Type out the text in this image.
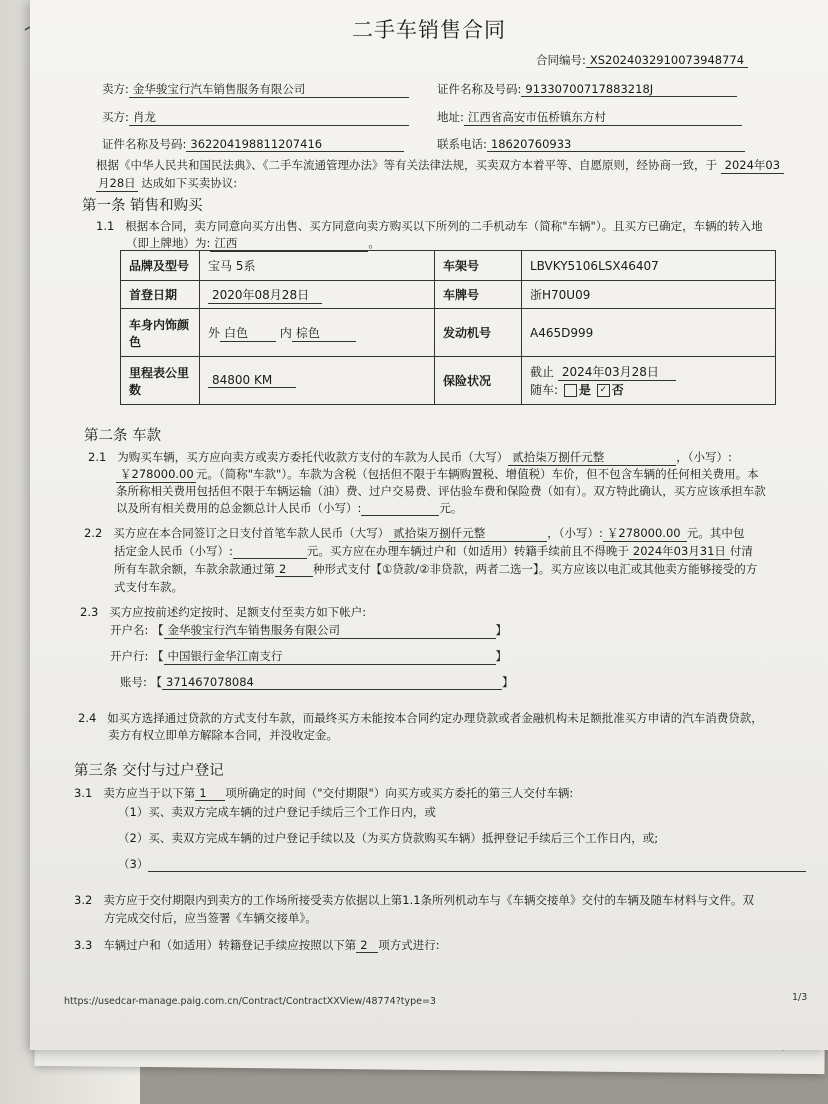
二手车销售合同
合同编号: XS2024032910073948774
卖方: 金华骏宝行汽车销售服务有限公司	证件名称及号码: 91330700717883218J
买方: 肖龙	地址: 江西省高安市伍桥镇东方村
证件名称及号码: 362204198811207416	联系电话: 18620760933
根据《中华人民共和国民法典》、《二手车流通管理办法》等有关法律法规，买卖双方本着平等、自愿原则，经协商一致，于 2024年03
月28日 达成如下买卖协议:
第一条 销售和购买
1.1 根据本合同，卖方同意向买方出售、买方同意向卖方购买以下所列的二手机动车（简称"车辆"）。且买方已确定，车辆的转入地
（即上牌地）为: 江西	。
品牌及型号	宝马 5系	车架号	LBVKY5106LSX46407
首登日期	2020年08月28日	车牌号	浙H70U09
车身内饰颜色	外 白色 内 棕色	发动机号	A465D999
里程表公里数	84800 KM	保险状况	截止 2024年03月28日
随车: 是 ✓ 否
第二条 车款
2.1 为购买车辆，买方应向卖方或卖方委托代收款方支付的车款为人民币（大写） 贰拾柒万捌仟元整	，（小写）:
￥278000.00 元。（简称"车款"）。车款为含税（包括但不限于车辆购置税、增值税）车价，但不包含车辆的任何相关费用。本
条所称相关费用包括但不限于车辆运输（油）费、过户交易费、评估验车费和保险费（如有）。双方特此确认，买方应该承担车款
以及所有相关费用的总金额总计人民币（小写）:	元。
2.2 买方应在本合同签订之日支付首笔车款人民币（大写） 贰拾柒万捌仟元整	，（小写）: ￥278000.00 元。其中包
括定金人民币（小写）:	元。买方应在办理车辆过户和（如适用）转籍手续前且不得晚于 2024年03月31日 付清
所有车款余额，车款余款通过第 2 种形式支付【①贷款/②非贷款，两者二选一】。买方应该以电汇或其他卖方能够接受的方
式支付车款。
2.3 买方应按前述约定按时、足额支付至卖方如下帐户:
开户名: 【 金华骏宝行汽车销售服务有限公司	】
开户行: 【 中国银行金华江南支行	】
账号: 【 371467078084	】
2.4 如买方选择通过贷款的方式支付车款，而最终买方未能按本合同约定办理贷款或者金融机构未足额批准买方申请的汽车消费贷款，
卖方有权立即单方解除本合同，并没收定金。
第三条 交付与过户登记
3.1 卖方应当于以下第 1 项所确定的时间（"交付期限"）向买方或买方委托的第三人交付车辆:
（1）买、卖双方完成车辆的过户登记手续后三个工作日内，或
（2）买、卖双方完成车辆的过户登记手续以及（为买方贷款购买车辆）抵押登记手续后三个工作日内，或;
（3）
3.2 卖方应于交付期限内到卖方的工作场所接受卖方依据以上第1.1条所列机动车与《车辆交接单》交付的车辆及随车材料与文件。双
方完成交付后，应当签署《车辆交接单》。
3.3 车辆过户和（如适用）转籍登记手续应按照以下第 2 项方式进行:
https://usedcar-manage.paig.com.cn/Contract/ContractXXView/48774?type=3	1/3
